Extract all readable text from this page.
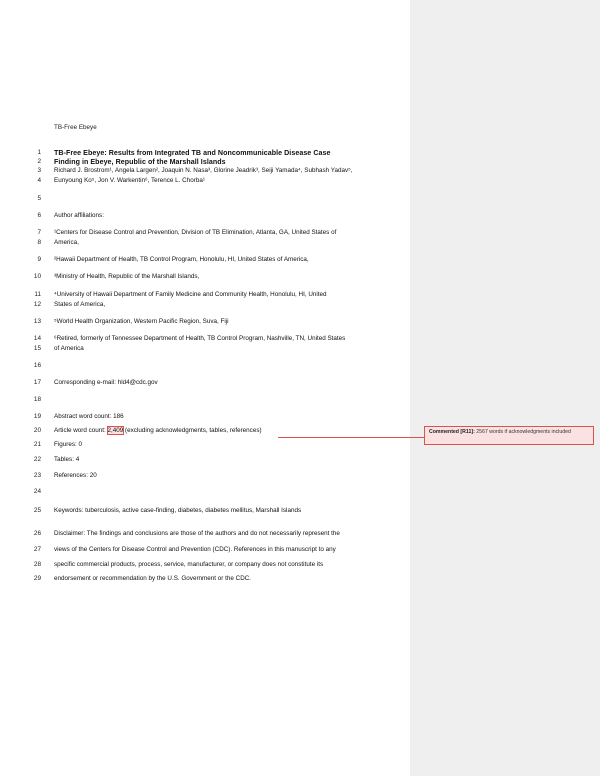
TB-Free Ebeye
1 TB-Free Ebeye: Results from Integrated TB and Noncommunicable Disease Case
2 Finding in Ebeye, Republic of the Marshall Islands
3 Richard J. Brostrom¹, Angela Largen², Joaquin N. Nasa³, Glorine Jeadrik³, Seiji Yamada⁴, Subhash Yadav⁵,
4 Eunyoung Ko⁵, Jon V. Warkentin⁶, Terence L. Chorba¹
5
6 Author affiliations:
7 ¹Centers for Disease Control and Prevention, Division of TB Elimination, Atlanta, GA, United States of
8 America,
9 ²Hawaii Department of Health, TB Control Program, Honolulu, HI, United States of America,
10 ³Ministry of Health, Republic of the Marshall Islands,
11 ⁴University of Hawaii Department of Family Medicine and Community Health, Honolulu, HI, United
12 States of America,
13 ⁵World Health Organization, Western Pacific Region, Suva, Fiji
14 ⁶Retired, formerly of Tennessee Department of Health, TB Control Program, Nashville, TN, United States
15 of America
16
17 Corresponding e-mail: hld4@cdc.gov
18
19 Abstract word count: 186
20 Article word count: 2,409 (excluding acknowledgments, tables, references)
21 Figures: 0
22 Tables: 4
23 References: 20
24
25 Keywords: tuberculosis, active case-finding, diabetes, diabetes mellitus, Marshall Islands
26 Disclaimer: The findings and conclusions are those of the authors and do not necessarily represent the
27 views of the Centers for Disease Control and Prevention (CDC). References in this manuscript to any
28 specific commercial products, process, service, manufacturer, or company does not constitute its
29 endorsement or recommendation by the U.S. Government or the CDC.
Commented [R11]: 2567 words if acknowledgments included
